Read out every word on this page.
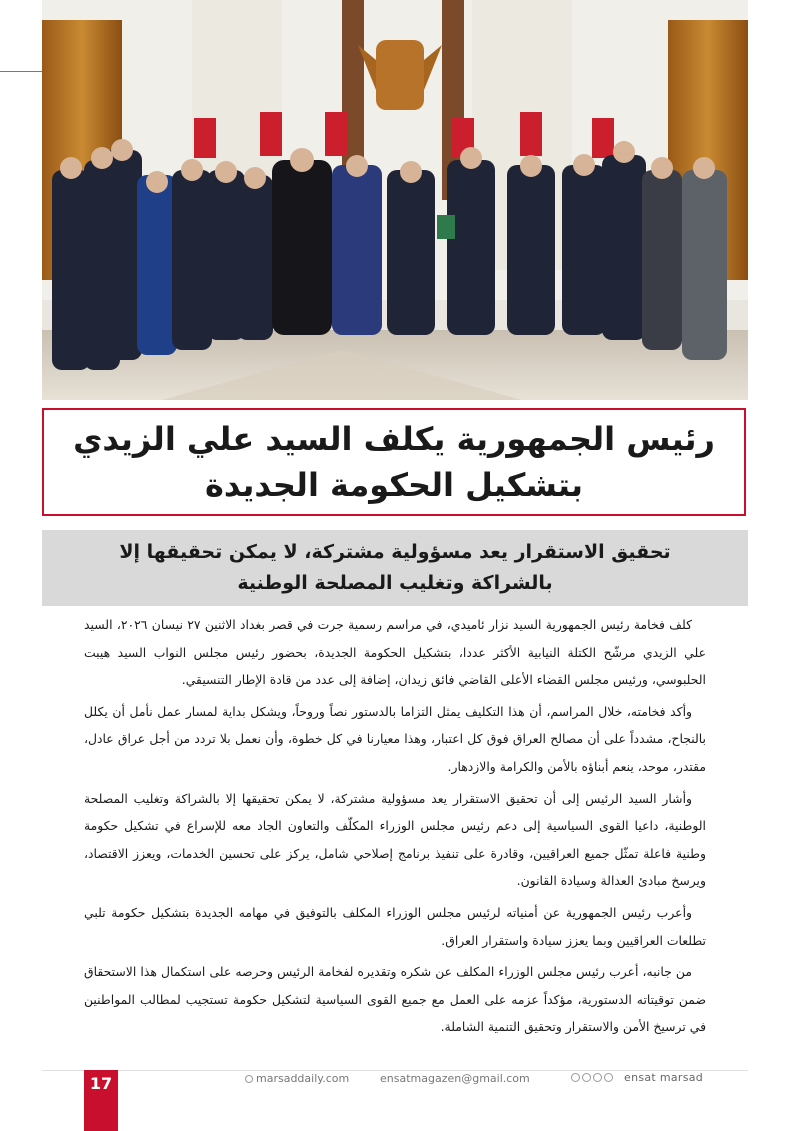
رئيس الجمهورية يكلف السيد علي الزيدي بتشكيل الحكومة الجديدة
تحقيق الاستقرار يعد مسؤولية مشتركة، لا يمكن تحقيقها إلا بالشراكة وتغليب المصلحة الوطنية

كلف فخامة رئيس الجمهورية السيد نزار ئاميدي، في مراسم رسمية جرت في قصر بغداد الاثنين ٢٧ نيسان ٢٠٢٦، السيد علي الزيدي مرشّح الكتلة النيابية الأكثر عددا، بتشكيل الحكومة الجديدة، بحضور رئيس مجلس النواب السيد هيبت الحلبوسي، ورئيس مجلس القضاء الأعلى القاضي فائق زيدان، إضافة إلى عدد من قادة الإطار التنسيقي.

وأكد فخامته، خلال المراسم، أن هذا التكليف يمثل التزاما بالدستور نصاً وروحاً، ويشكل بداية لمسار عمل نأمل أن يكلل بالنجاح، مشدداً على أن مصالح العراق فوق كل اعتبار، وهذا معيارنا في كل خطوة، وأن نعمل بلا تردد من أجل عراق عادل، مقتدر، موحد، ينعم أبناؤه بالأمن والكرامة والازدهار.

وأشار السيد الرئيس إلى أن تحقيق الاستقرار يعد مسؤولية مشتركة، لا يمكن تحقيقها إلا بالشراكة وتغليب المصلحة الوطنية، داعيا القوى السياسية إلى دعم رئيس مجلس الوزراء المكلّف والتعاون الجاد معه للإسراع في تشكيل حكومة وطنية فاعلة تمثّل جميع العراقيين، وقادرة على تنفيذ برنامج إصلاحي شامل، يركز على تحسين الخدمات، ويعزز الاقتصاد، ويرسخ مبادئ العدالة وسيادة القانون.

وأعرب رئيس الجمهورية عن أمنياته لرئيس مجلس الوزراء المكلف بالتوفيق في مهامه الجديدة بتشكيل حكومة تلبي تطلعات العراقيين وبما يعزز سيادة واستقرار العراق.

من جانبه، أعرب رئيس مجلس الوزراء المكلف عن شكره وتقديره لفخامة الرئيس وحرصه على استكمال هذا الاستحقاق ضمن توقيتاته الدستورية، مؤكداً عزمه على العمل مع جميع القوى السياسية لتشكيل حكومة تستجيب لمطالب المواطنين في ترسيخ الأمن والاستقرار وتحقيق التنمية الشاملة.

17	marsaddaily.com	ensatmagazen@gmail.com	ensat marsad
